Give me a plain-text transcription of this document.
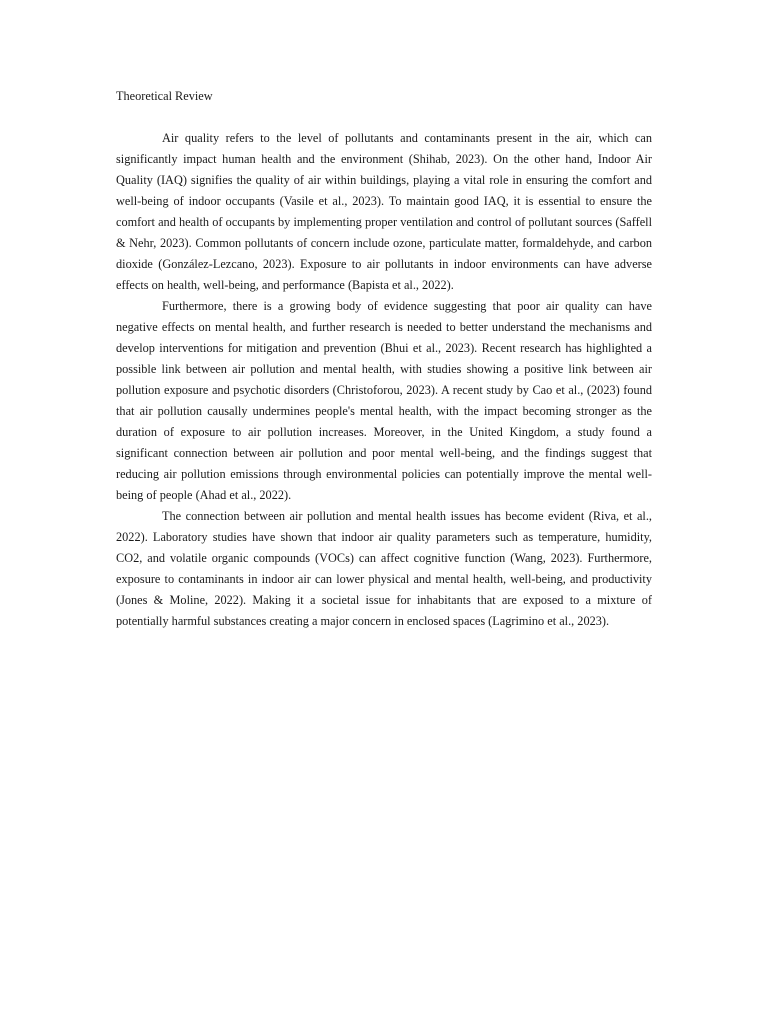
Theoretical Review

Air quality refers to the level of pollutants and contaminants present in the air, which can significantly impact human health and the environment (Shihab, 2023). On the other hand, Indoor Air Quality (IAQ) signifies the quality of air within buildings, playing a vital role in ensuring the comfort and well-being of indoor occupants (Vasile et al., 2023). To maintain good IAQ, it is essential to ensure the comfort and health of occupants by implementing proper ventilation and control of pollutant sources (Saffell & Nehr, 2023). Common pollutants of concern include ozone, particulate matter, formaldehyde, and carbon dioxide (González-Lezcano, 2023). Exposure to air pollutants in indoor environments can have adverse effects on health, well-being, and performance (Bapista et al., 2022).

Furthermore, there is a growing body of evidence suggesting that poor air quality can have negative effects on mental health, and further research is needed to better understand the mechanisms and develop interventions for mitigation and prevention (Bhui et al., 2023). Recent research has highlighted a possible link between air pollution and mental health, with studies showing a positive link between air pollution exposure and psychotic disorders (Christoforou, 2023). A recent study by Cao et al., (2023) found that air pollution causally undermines people's mental health, with the impact becoming stronger as the duration of exposure to air pollution increases. Moreover, in the United Kingdom, a study found a significant connection between air pollution and poor mental well-being, and the findings suggest that reducing air pollution emissions through environmental policies can potentially improve the mental well-being of people (Ahad et al., 2022).

The connection between air pollution and mental health issues has become evident (Riva, et al., 2022). Laboratory studies have shown that indoor air quality parameters such as temperature, humidity, CO2, and volatile organic compounds (VOCs) can affect cognitive function (Wang, 2023). Furthermore, exposure to contaminants in indoor air can lower physical and mental health, well-being, and productivity (Jones & Moline, 2022). Making it a societal issue for inhabitants that are exposed to a mixture of potentially harmful substances creating a major concern in enclosed spaces (Lagrimino et al., 2023).
